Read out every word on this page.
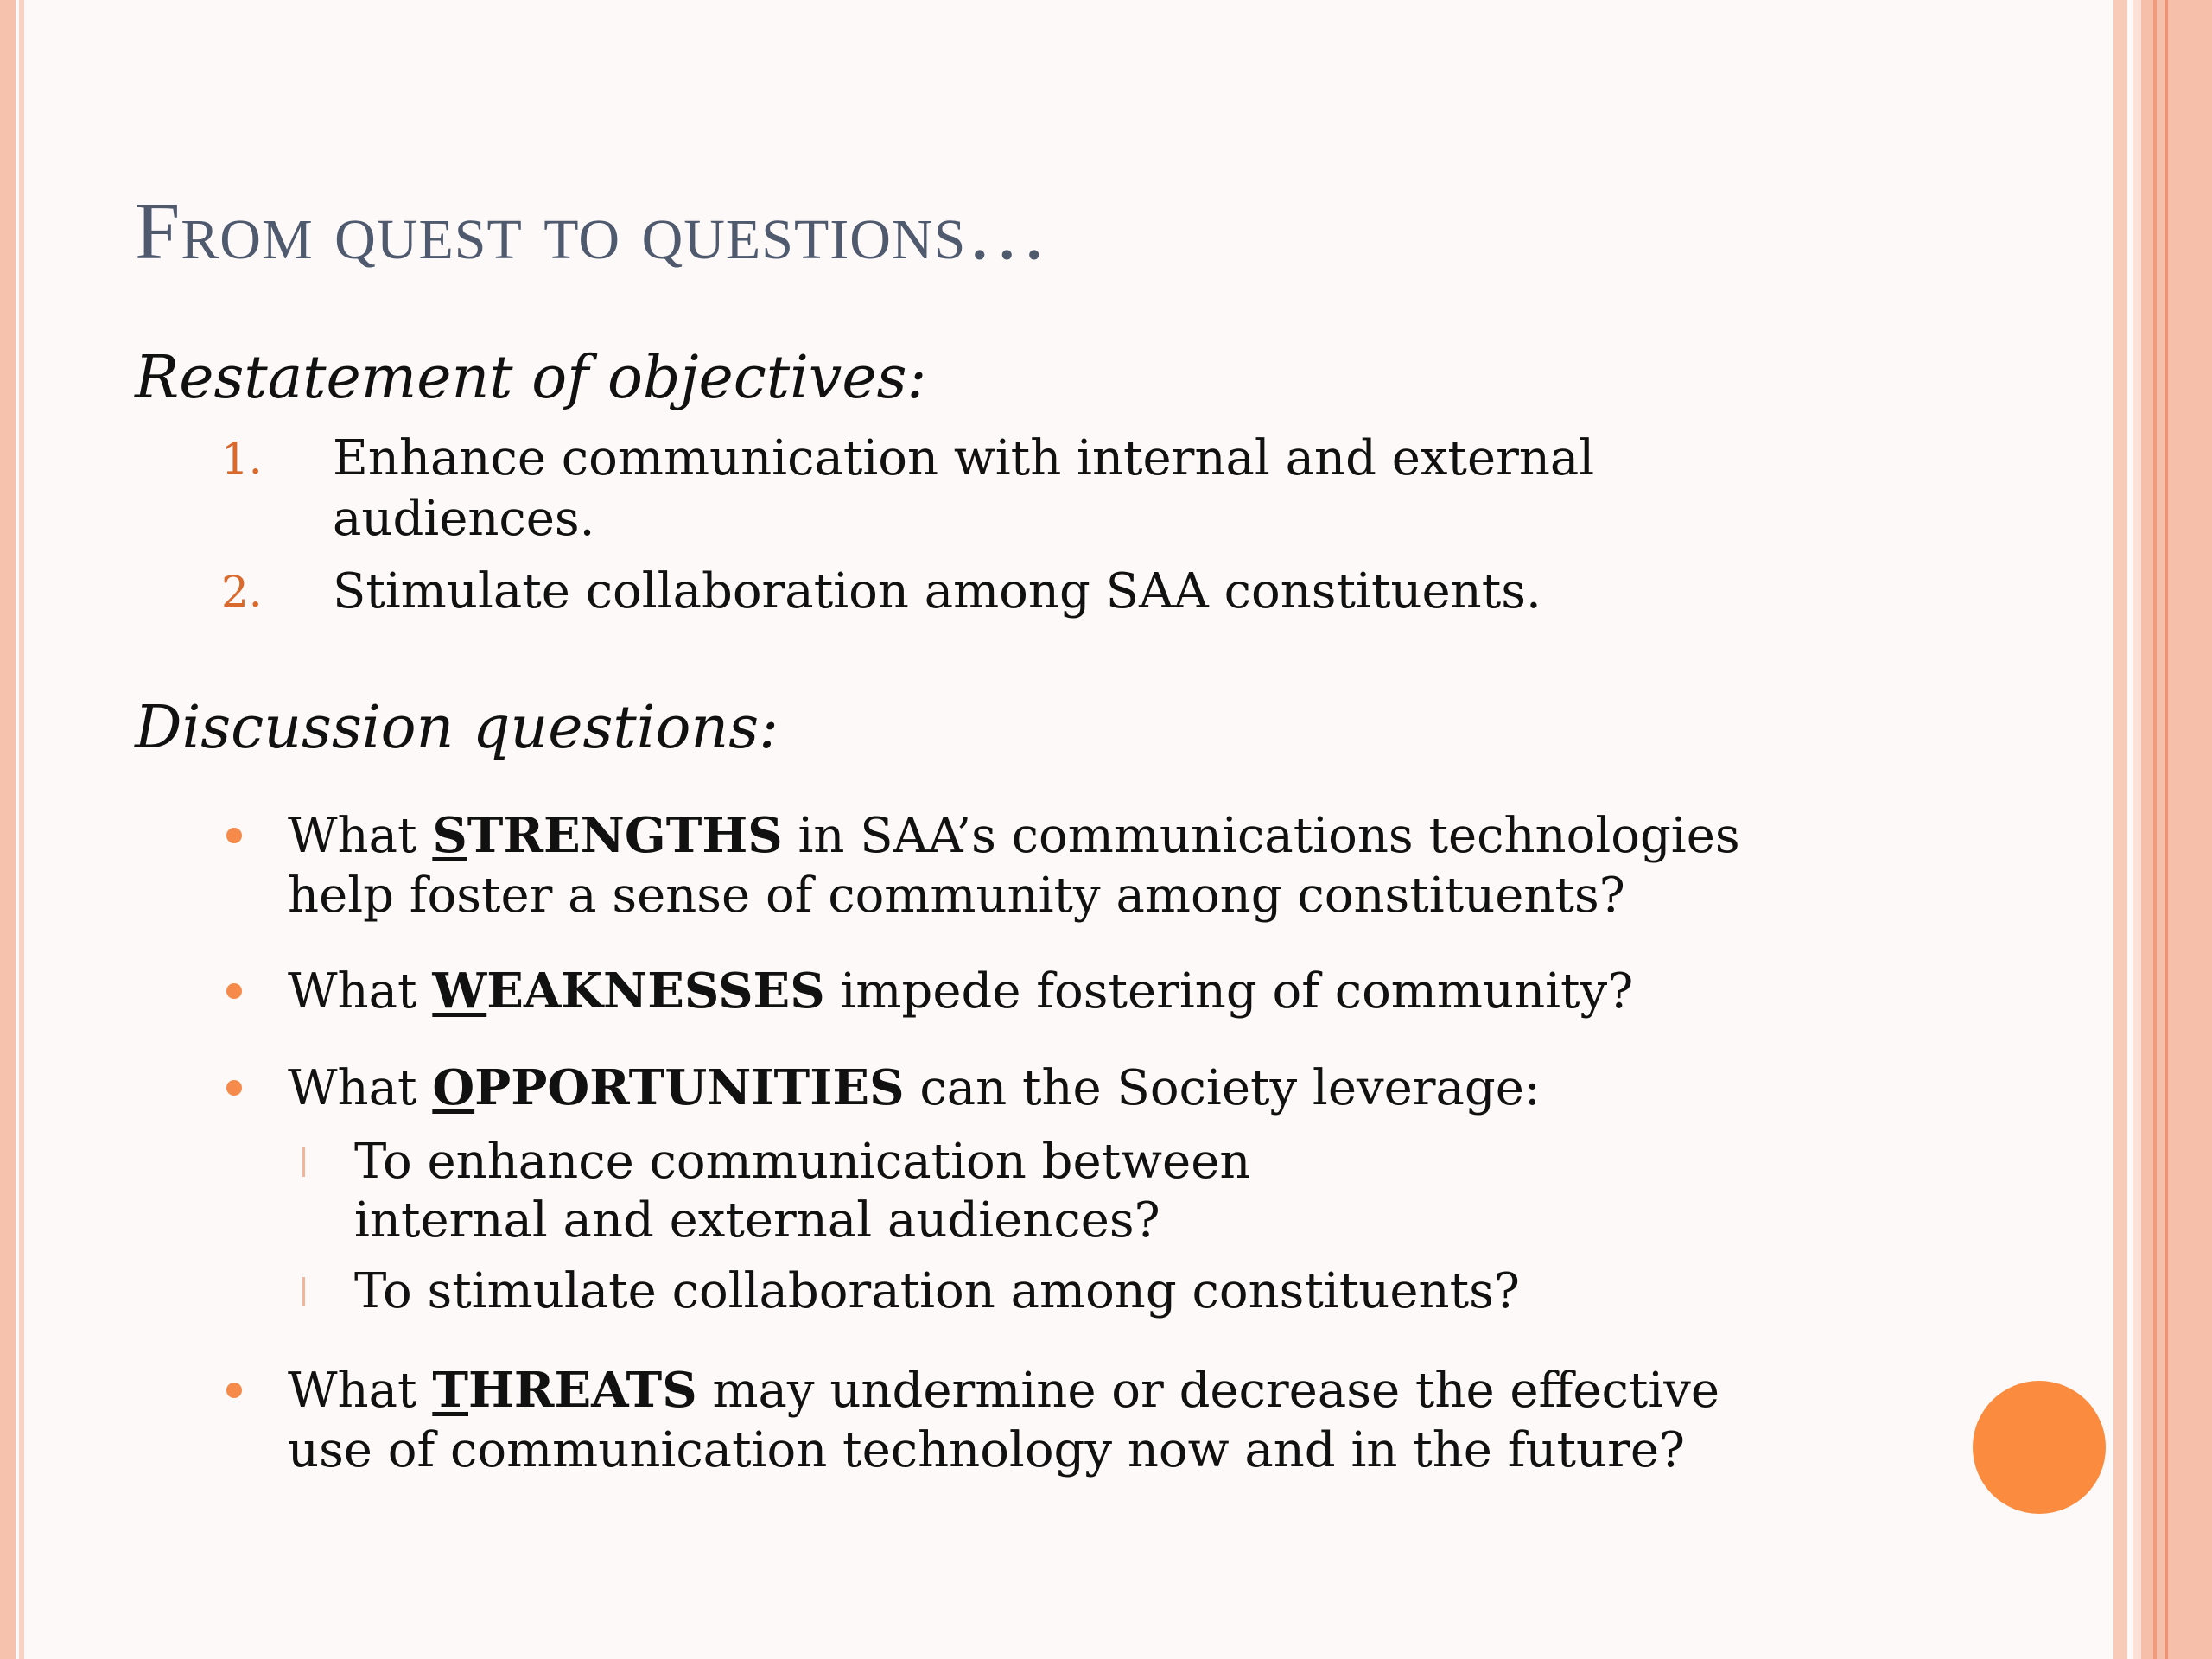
From quest to questions…
Restatement of objectives:
1. Enhance communication with internal and external
audiences.
2. Stimulate collaboration among SAA constituents.
Discussion questions:
What STRENGTHS in SAA’s communications technologies
help foster a sense of community among constituents?
What WEAKNESSES impede fostering of community?
What OPPORTUNITIES can the Society leverage:
To enhance communication between
internal and external audiences?
To stimulate collaboration among constituents?
What THREATS may undermine or decrease the effective
use of communication technology now and in the future?
